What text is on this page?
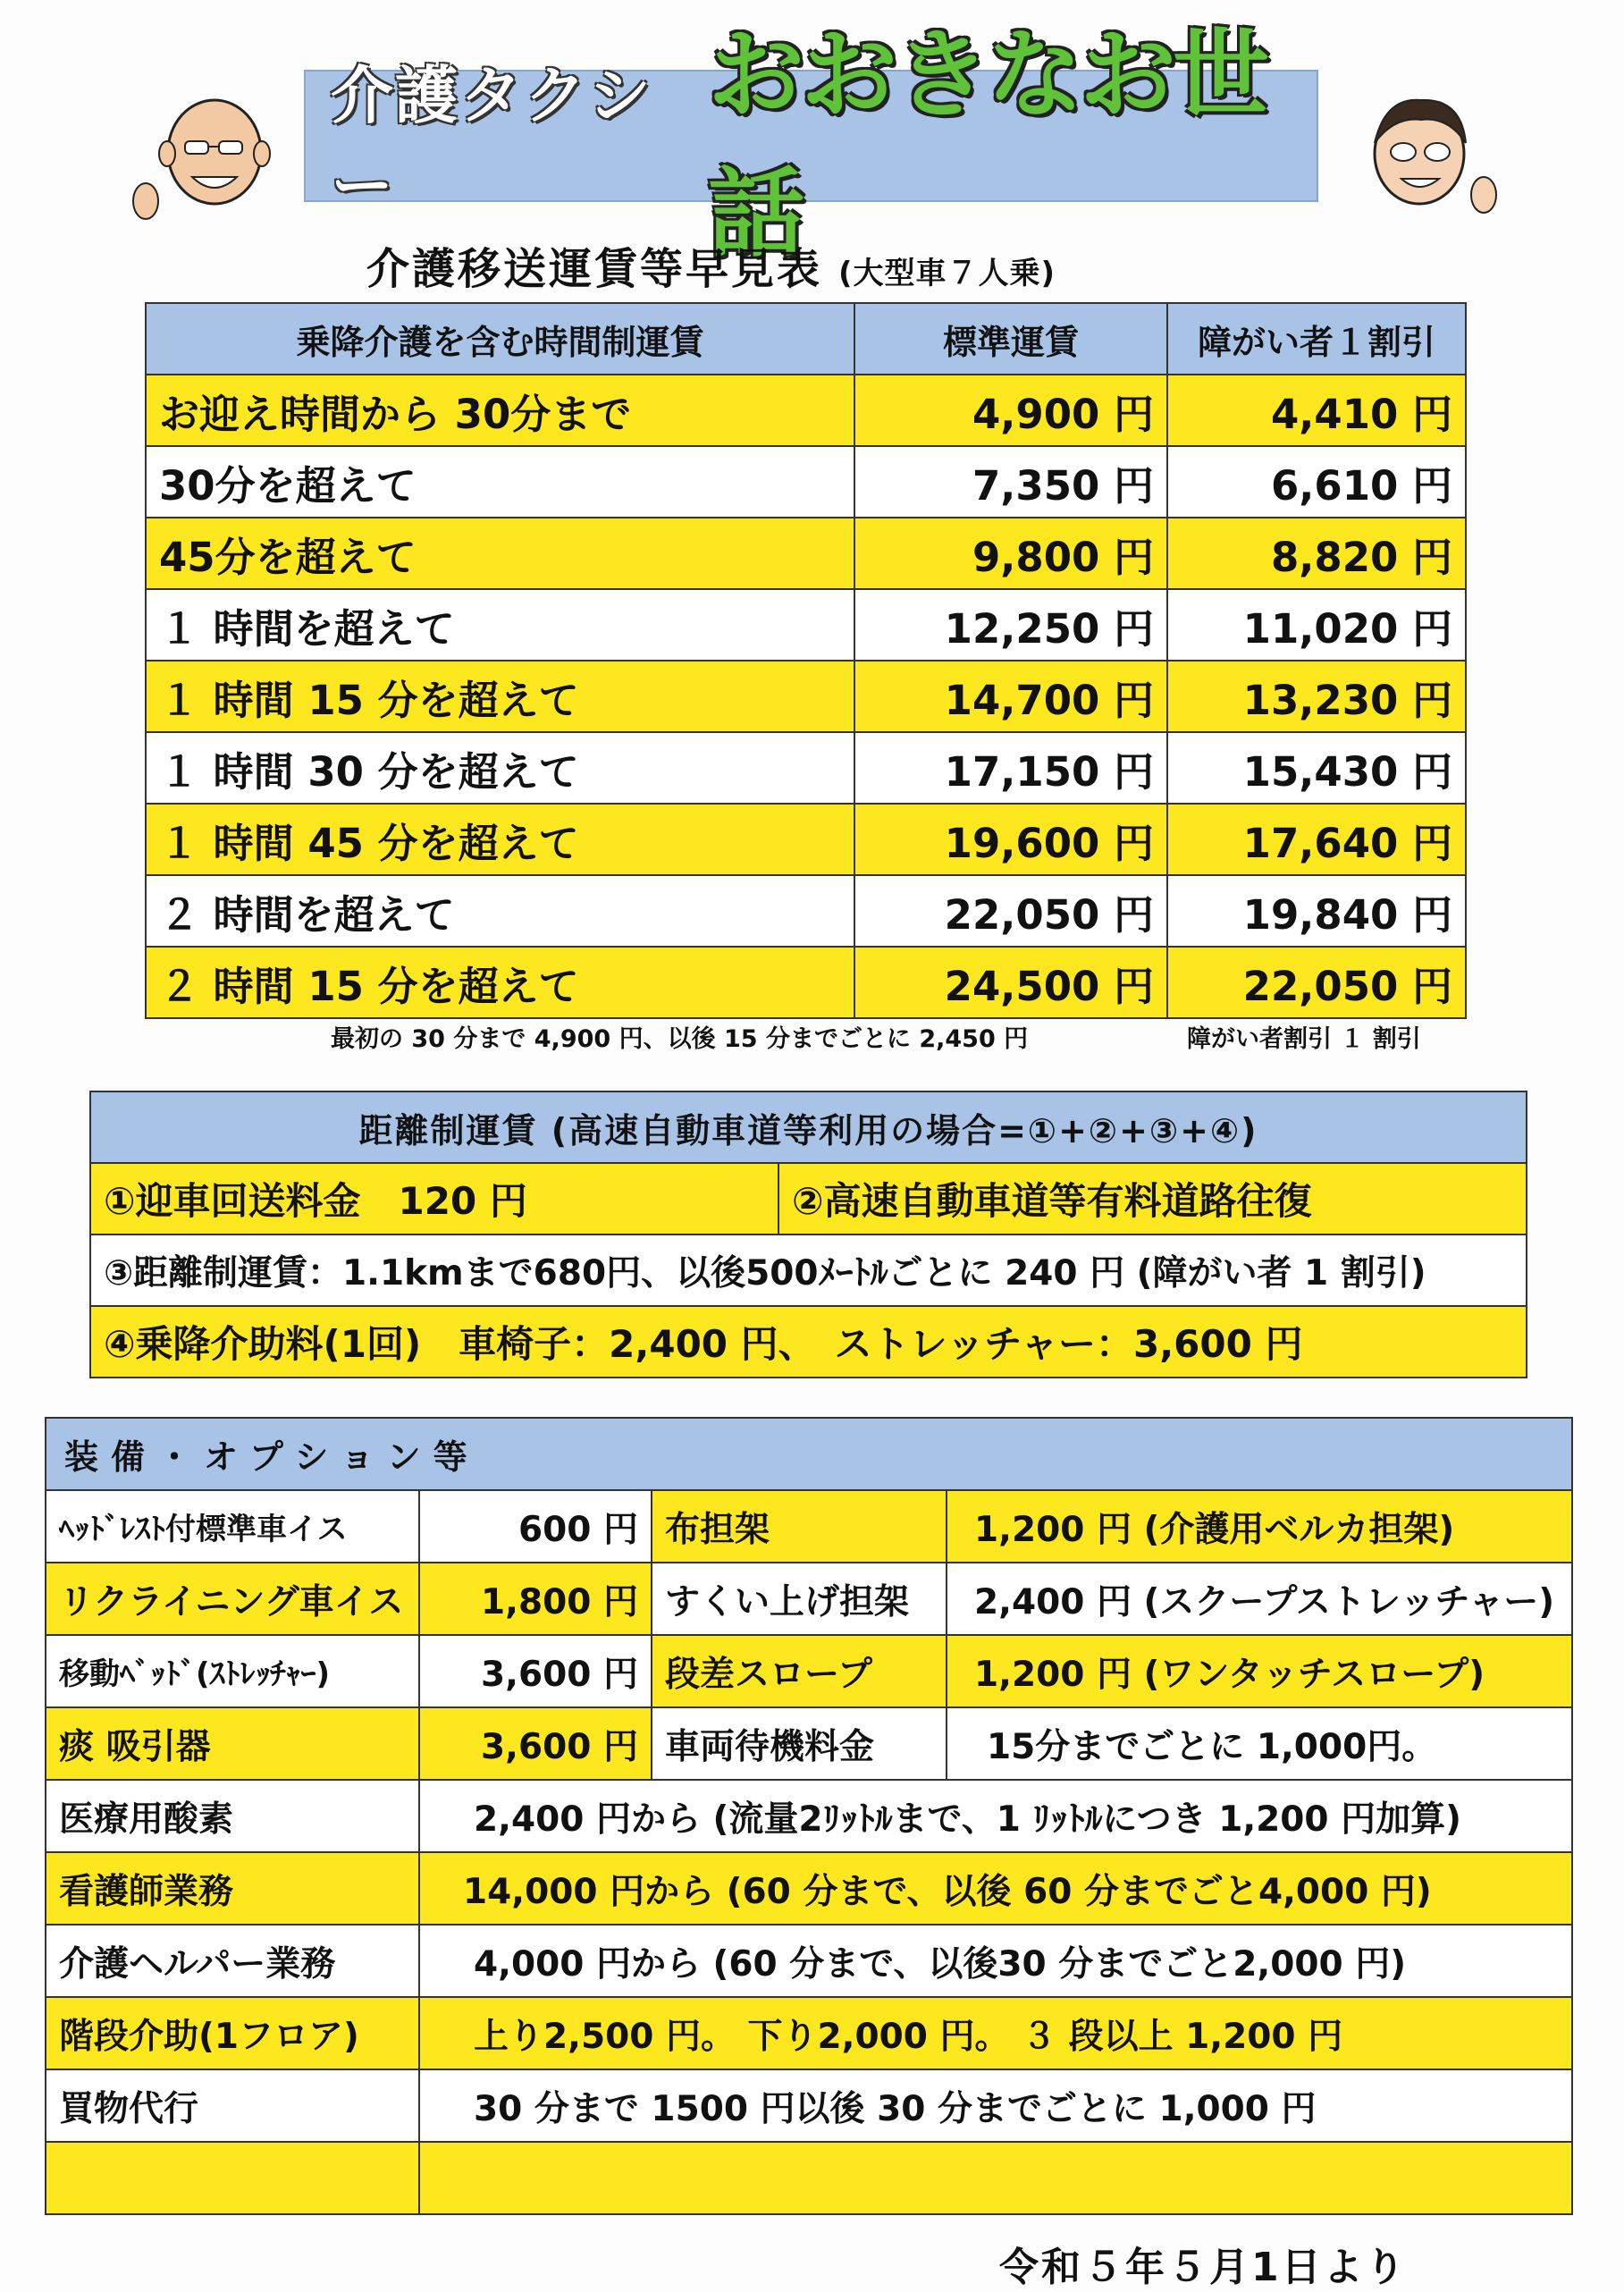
介護タクシー
おおきなお世話
介護移送運賃等早見表 (大型車７人乗)
乗降介護を含む時間制運賃	標準運賃	障がい者１割引
お迎え時間から 30分まで	4,900 円	4,410 円
30分を超えて	7,350 円	6,610 円
45分を超えて	9,800 円	8,820 円
１ 時間を超えて	12,250 円	11,020 円
１ 時間 15 分を超えて	14,700 円	13,230 円
１ 時間 30 分を超えて	17,150 円	15,430 円
１ 時間 45 分を超えて	19,600 円	17,640 円
２ 時間を超えて	22,050 円	19,840 円
２ 時間 15 分を超えて	24,500 円	22,050 円
最初の 30 分まで 4,900 円、以後 15 分までごとに 2,450 円	障がい者割引 １ 割引
距離制運賃 (高速自動車道等利用の場合=①+②+③+④)
①迎車回送料金　120 円	②高速自動車道等有料道路往復
③距離制運賃：1.1kmまで680円、以後500ﾒｰﾄﾙごとに 240 円 (障がい者 1 割引)
④乗降介助料(1回)　車椅子：2,400 円、　ストレッチャー：3,600 円
装備・オプション等			
ﾍｯﾄﾞﾚｽﾄ付標準車イス	600 円	布担架	1,200 円 (介護用ベルカ担架)
リクライニング車イス	1,800 円	すくい上げ担架	2,400 円 (スクープストレッチャー)
移動ﾍﾞｯﾄﾞ(ｽﾄﾚｯﾁｬｰ)	3,600 円	段差スロープ	1,200 円 (ワンタッチスロープ)
痰 吸引器	3,600 円	車両待機料金	15分までごとに 1,000円。
医療用酸素	2,400 円から (流量2ﾘｯﾄﾙまで、1 ﾘｯﾄﾙにつき 1,200 円加算)		
看護師業務	14,000 円から (60 分まで、以後 60 分までごと4,000 円)		
介護ヘルパー業務	4,000 円から (60 分まで、以後30 分までごと2,000 円)		
階段介助(1フロア)	上り2,500 円。 下り2,000 円。 ３ 段以上 1,200 円		
買物代行	30 分まで 1500 円以後 30 分までごとに 1,000 円		

令和５年５月1日より
